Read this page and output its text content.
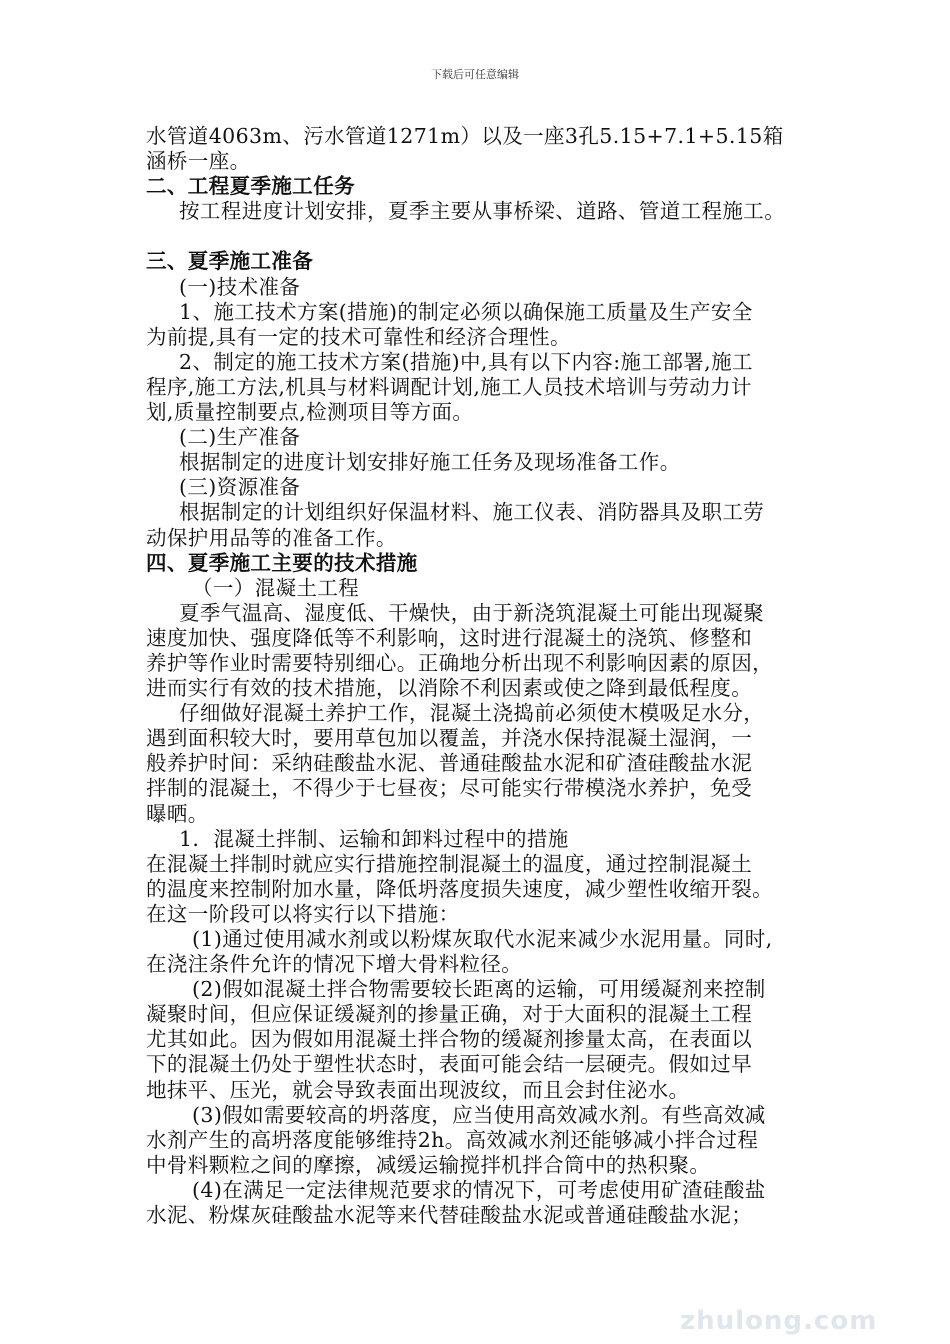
下载后可任意编辑
水管道4063m、污水管道1271m）以及一座3孔5.15+7.1+5.15箱
涵桥一座。
二、工程夏季施工任务
按工程进度计划安排，夏季主要从事桥梁、道路、管道工程施工。
三、夏季施工准备
(一)技术准备
1、施工技术方案(措施)的制定必须以确保施工质量及生产安全
为前提,具有一定的技术可靠性和经济合理性。
2、制定的施工技术方案(措施)中,具有以下内容:施工部署,施工
程序,施工方法,机具与材料调配计划,施工人员技术培训与劳动力计
划,质量控制要点,检测项目等方面。
(二)生产准备
根据制定的进度计划安排好施工任务及现场准备工作。
(三)资源准备
根据制定的计划组织好保温材料、施工仪表、消防器具及职工劳
动保护用品等的准备工作。
四、夏季施工主要的技术措施
（一）混凝土工程
夏季气温高、湿度低、干燥快，由于新浇筑混凝土可能出现凝聚
速度加快、强度降低等不利影响，这时进行混凝土的浇筑、修整和
养护等作业时需要特别细心。正确地分析出现不利影响因素的原因，
进而实行有效的技术措施，以消除不利因素或使之降到最低程度。
仔细做好混凝土养护工作，混凝土浇捣前必须使木模吸足水分，
遇到面积较大时，要用草包加以覆盖，并浇水保持混凝土湿润，一
般养护时间：采纳硅酸盐水泥、普通硅酸盐水泥和矿渣硅酸盐水泥
拌制的混凝土，不得少于七昼夜；尽可能实行带模浇水养护，免受
曝晒。
1．混凝土拌制、运输和卸料过程中的措施
在混凝土拌制时就应实行措施控制混凝土的温度，通过控制混凝土
的温度来控制附加水量，降低坍落度损失速度，减少塑性收缩开裂。
在这一阶段可以将实行以下措施：
(1)通过使用减水剂或以粉煤灰取代水泥来减少水泥用量。同时,
在浇注条件允许的情况下增大骨料粒径。
(2)假如混凝土拌合物需要较长距离的运输，可用缓凝剂来控制
凝聚时间，但应保证缓凝剂的掺量正确，对于大面积的混凝土工程
尤其如此。因为假如用混凝土拌合物的缓凝剂掺量太高，在表面以
下的混凝土仍处于塑性状态时，表面可能会结一层硬壳。假如过早
地抹平、压光，就会导致表面出现波纹，而且会封住泌水。
(3)假如需要较高的坍落度，应当使用高效减水剂。有些高效减
水剂产生的高坍落度能够维持2h。高效减水剂还能够减小拌合过程
中骨料颗粒之间的摩擦，减缓运输搅拌机拌合筒中的热积聚。
(4)在满足一定法律规范要求的情况下，可考虑使用矿渣硅酸盐
水泥、粉煤灰硅酸盐水泥等来代替硅酸盐水泥或普通硅酸盐水泥；
zhulong.com
